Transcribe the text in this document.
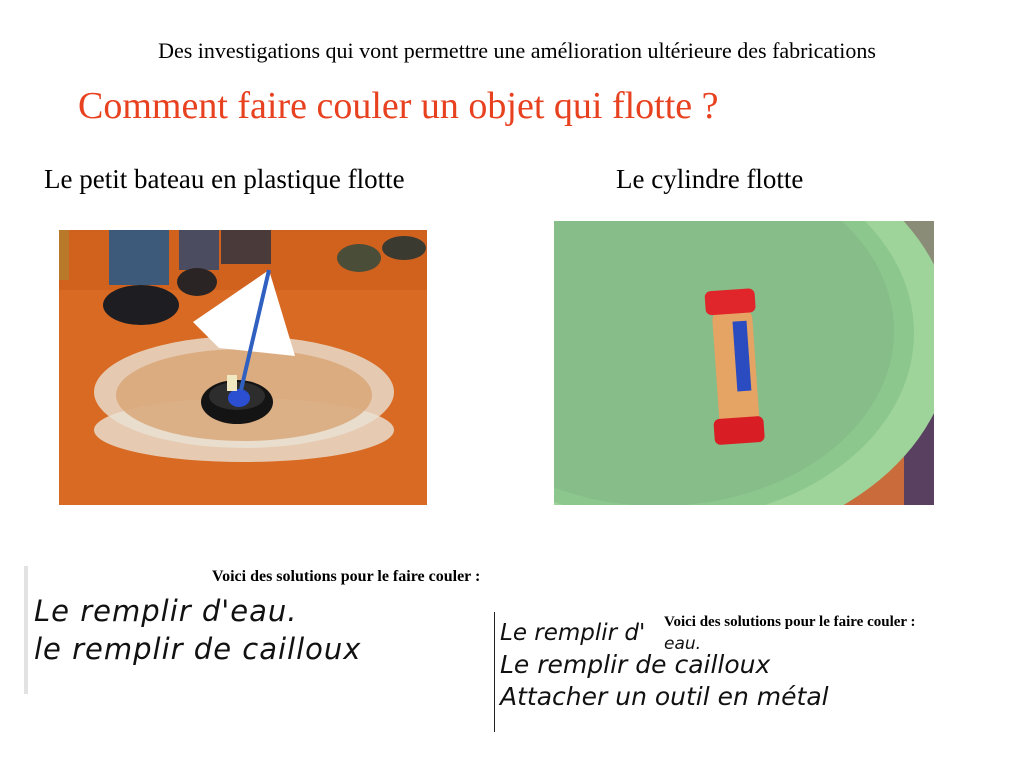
Des investigations qui vont permettre une amélioration ultérieure des fabrications
Comment faire couler un objet qui flotte ?
Le petit bateau en plastique flotte	Le cylindre flotte
Voici des solutions pour le faire couler :
Le remplir d'eau.
le remplir de cailloux
Voici des solutions pour le faire couler :
Le remplir d' eau.
Le remplir de cailloux
Attacher un outil en métal
